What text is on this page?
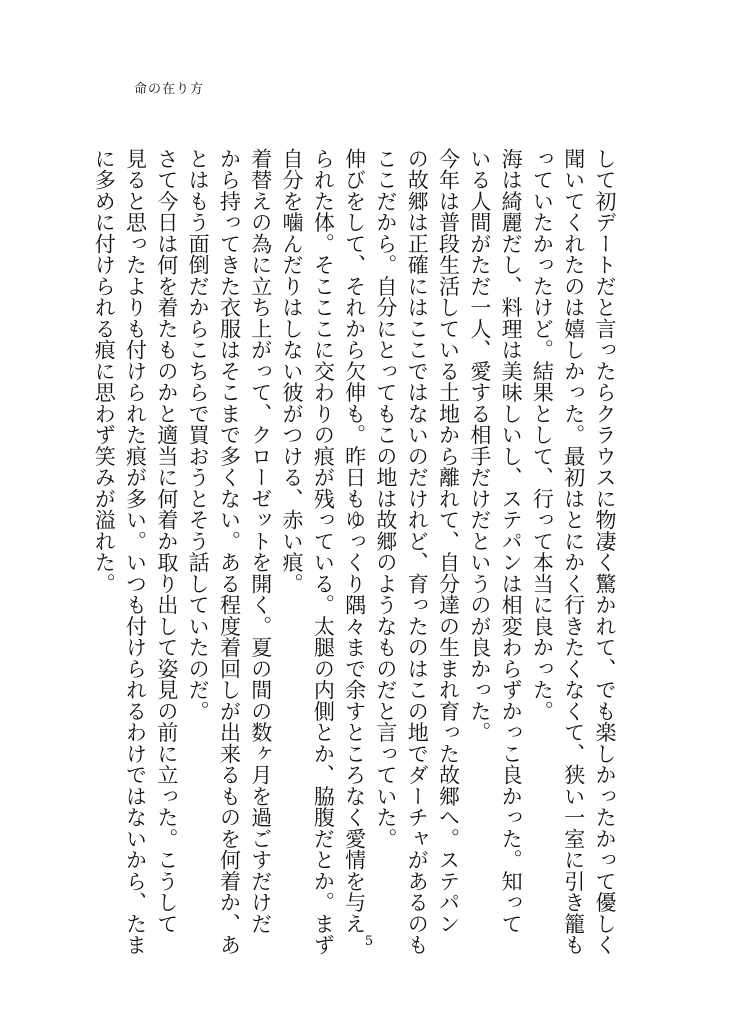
命の在り方

して初デートだと言ったらクラウスに物凄く驚かれて、でも楽しかったかって優しく

聞いてくれたのは嬉しかった。最初はとにかく行きたくなくて、狭い一室に引き籠も

っていたかったけど。結果として、行って本当に良かった。

海は綺麗だし、料理は美味しいし、ステパンは相変わらずかっこ良かった。知って

いる人間がただ一人、愛する相手だけだというのが良かった。

今年は普段生活している土地から離れて、自分達の生まれ育った故郷へ。ステパン

の故郷は正確にはここではないのだけれど、育ったのはこの地でダーチャがあるのも

ここだから。自分にとってもこの地は故郷のようなものだと言っていた。

伸びをして、それから欠伸も。昨日もゆっくり隅々まで余すところなく愛情を与え

られた体。そこここに交わりの痕が残っている。太腿の内側とか、脇腹だとか。まず

自分を噛んだりはしない彼がつける、赤い痕。

着替えの為に立ち上がって、クローゼットを開く。夏の間の数ヶ月を過ごすだけだ

から持ってきた衣服はそこまで多くない。ある程度着回しが出来るものを何着か、あ

とはもう面倒だからこちらで買おうとそう話していたのだ。

さて今日は何を着たものかと適当に何着か取り出して姿見の前に立った。こうして

見ると思ったよりも付けられた痕が多い。いつも付けられるわけではないから、たま

に多めに付けられる痕に思わず笑みが溢れた。

5
